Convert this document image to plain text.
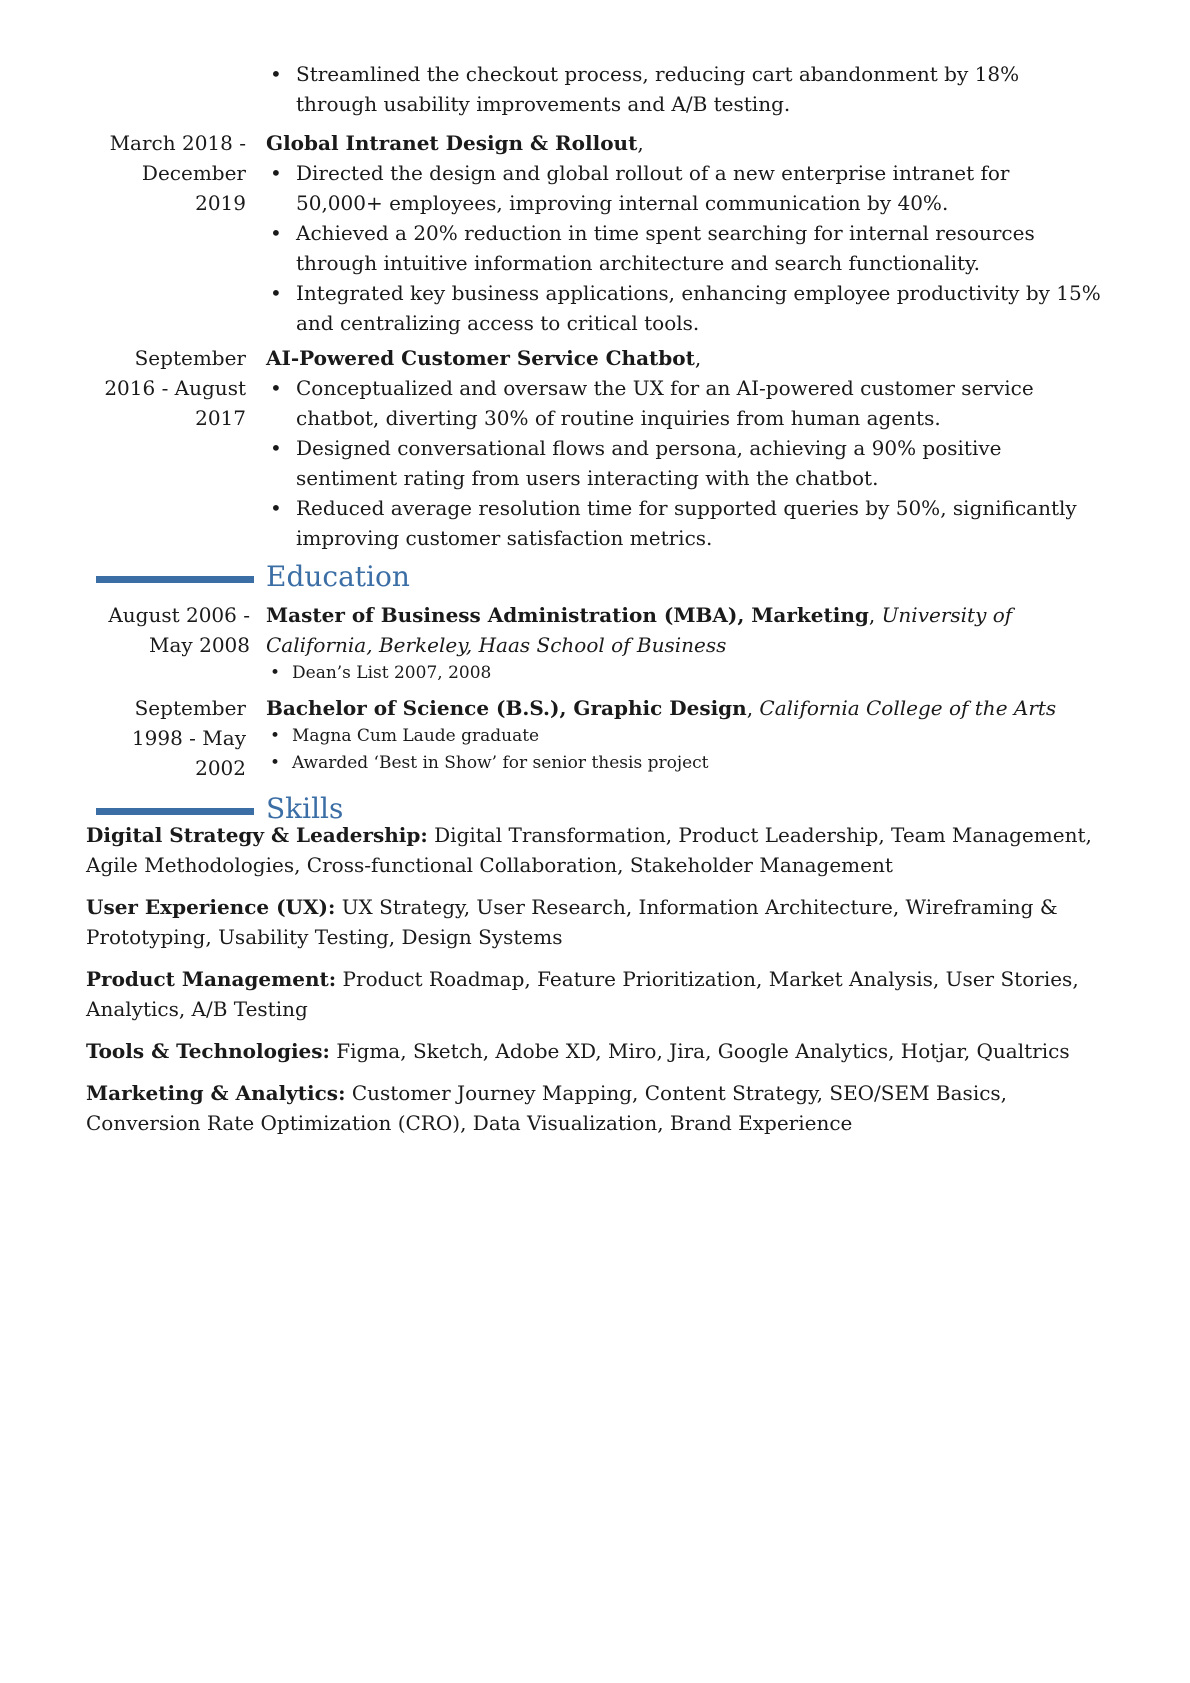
• Streamlined the checkout process, reducing cart abandonment by 18% through usability improvements and A/B testing.
March 2018 - December 2019
Global Intranet Design & Rollout,
• Directed the design and global rollout of a new enterprise intranet for 50,000+ employees, improving internal communication by 40%.
• Achieved a 20% reduction in time spent searching for internal resources through intuitive information architecture and search functionality.
• Integrated key business applications, enhancing employee productivity by 15% and centralizing access to critical tools.
September 2016 - August 2017
AI-Powered Customer Service Chatbot,
• Conceptualized and oversaw the UX for an AI-powered customer service chatbot, diverting 30% of routine inquiries from human agents.
• Designed conversational flows and persona, achieving a 90% positive sentiment rating from users interacting with the chatbot.
• Reduced average resolution time for supported queries by 50%, significantly improving customer satisfaction metrics.
Education
August 2006 - May 2008
Master of Business Administration (MBA), Marketing, University of California, Berkeley, Haas School of Business
• Dean’s List 2007, 2008
September 1998 - May 2002
Bachelor of Science (B.S.), Graphic Design, California College of the Arts
• Magna Cum Laude graduate
• Awarded ‘Best in Show’ for senior thesis project
Skills
Digital Strategy & Leadership: Digital Transformation, Product Leadership, Team Management, Agile Methodologies, Cross-functional Collaboration, Stakeholder Management
User Experience (UX): UX Strategy, User Research, Information Architecture, Wireframing & Prototyping, Usability Testing, Design Systems
Product Management: Product Roadmap, Feature Prioritization, Market Analysis, User Stories, Analytics, A/B Testing
Tools & Technologies: Figma, Sketch, Adobe XD, Miro, Jira, Google Analytics, Hotjar, Qualtrics
Marketing & Analytics: Customer Journey Mapping, Content Strategy, SEO/SEM Basics, Conversion Rate Optimization (CRO), Data Visualization, Brand Experience
